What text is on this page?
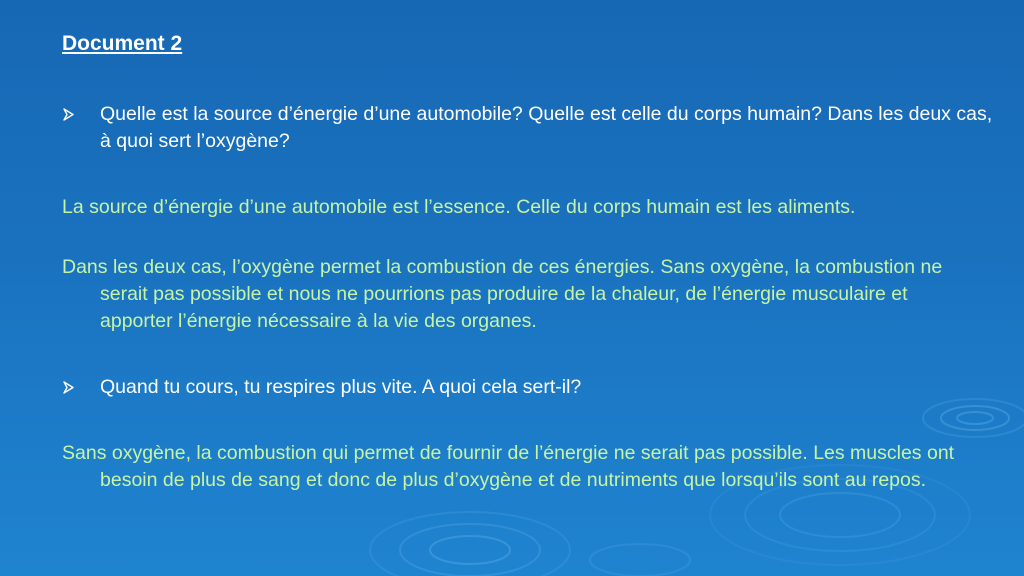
Document 2
Quelle est la source d’énergie d’une automobile? Quelle est celle du corps humain? Dans les deux cas, à quoi sert l’oxygène?
La source d’énergie d’une automobile est l’essence. Celle du corps humain est les aliments.
Dans les deux cas, l’oxygène permet la combustion de ces énergies. Sans oxygène, la combustion ne serait pas possible et nous ne pourrions pas produire de la chaleur, de l’énergie musculaire et apporter l’énergie nécessaire à la vie des organes.
Quand tu cours, tu respires plus vite. A quoi cela sert-il?
Sans oxygène, la combustion qui permet de fournir de l’énergie ne serait pas possible. Les muscles ont besoin de plus de sang et donc de plus d’oxygène et de nutriments que lorsqu’ils sont au repos.
